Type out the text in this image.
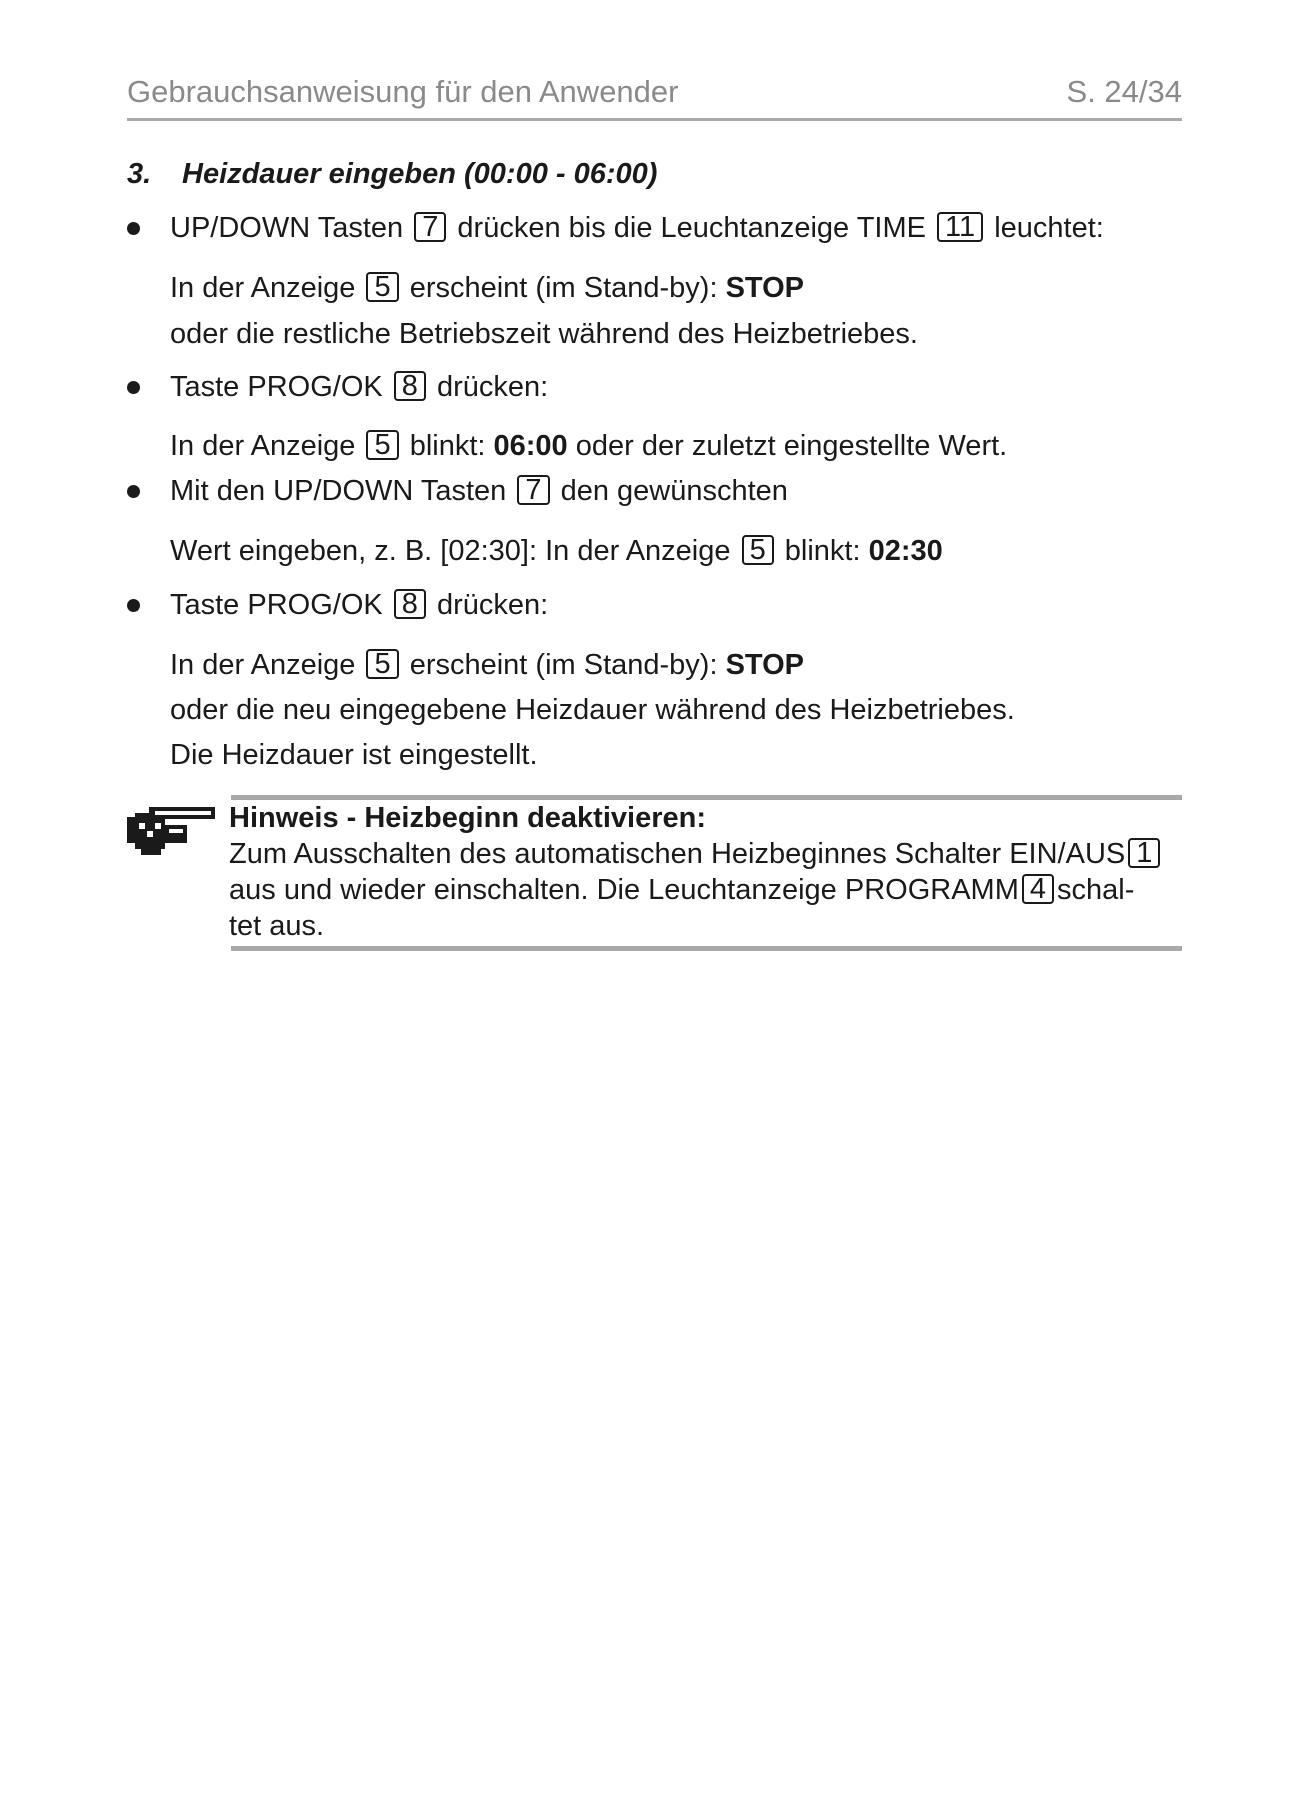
Gebrauchsanweisung für den Anwender	S. 24/34
3. Heizdauer eingeben (00:00 - 06:00)
UP/DOWN Tasten 7 drücken bis die Leuchtanzeige TIME 11 leuchtet:
In der Anzeige 5 erscheint (im Stand-by): STOP
oder die restliche Betriebszeit während des Heizbetriebes.
Taste PROG/OK 8 drücken:
In der Anzeige 5 blinkt: 06:00 oder der zuletzt eingestellte Wert.
Mit den UP/DOWN Tasten 7 den gewünschten
Wert eingeben, z. B. [02:30]: In der Anzeige 5 blinkt: 02:30
Taste PROG/OK 8 drücken:
In der Anzeige 5 erscheint (im Stand-by): STOP
oder die neu eingegebene Heizdauer während des Heizbetriebes.
Die Heizdauer ist eingestellt.
Hinweis - Heizbeginn deaktivieren:
Zum Ausschalten des automatischen Heizbeginnes Schalter EIN/AUS 1
aus und wieder einschalten. Die Leuchtanzeige PROGRAMM 4 schal-
tet aus.
